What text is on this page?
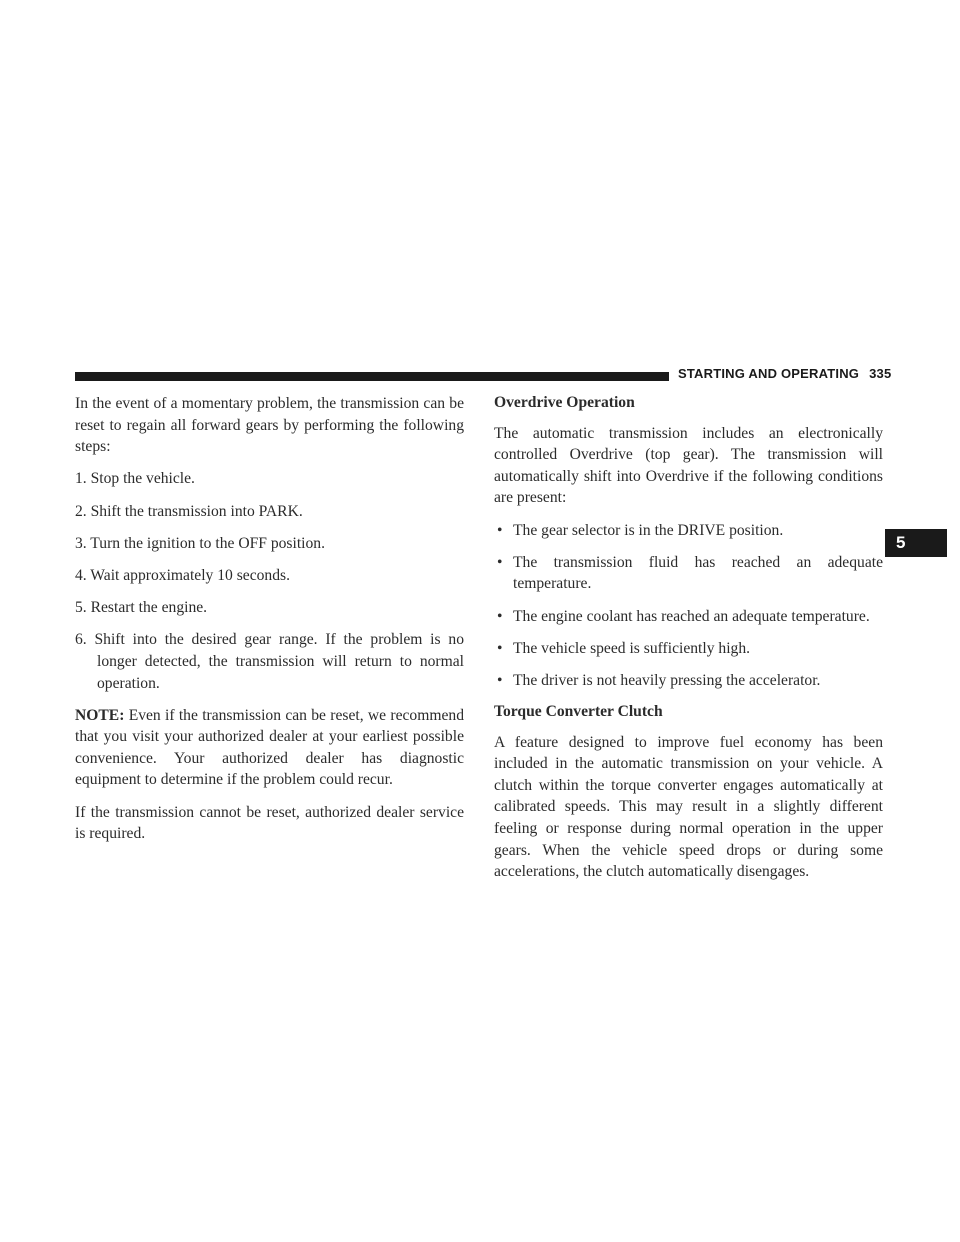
STARTING AND OPERATING 335
5

In the event of a momentary problem, the transmission can be reset to regain all forward gears by performing the following steps:

1. Stop the vehicle.
2. Shift the transmission into PARK.
3. Turn the ignition to the OFF position.
4. Wait approximately 10 seconds.
5. Restart the engine.
6. Shift into the desired gear range. If the problem is no longer detected, the transmission will return to normal operation.

NOTE: Even if the transmission can be reset, we recommend that you visit your authorized dealer at your earliest possible convenience. Your authorized dealer has diagnostic equipment to determine if the problem could recur.

If the transmission cannot be reset, authorized dealer service is required.

Overdrive Operation

The automatic transmission includes an electronically controlled Overdrive (top gear). The transmission will automatically shift into Overdrive if the following conditions are present:

• The gear selector is in the DRIVE position.
• The transmission fluid has reached an adequate temperature.
• The engine coolant has reached an adequate temperature.
• The vehicle speed is sufficiently high.
• The driver is not heavily pressing the accelerator.
Torque Converter Clutch

A feature designed to improve fuel economy has been included in the automatic transmission on your vehicle. A clutch within the torque converter engages automatically at calibrated speeds. This may result in a slightly different feeling or response during normal operation in the upper gears. When the vehicle speed drops or during some accelerations, the clutch automatically disengages.
